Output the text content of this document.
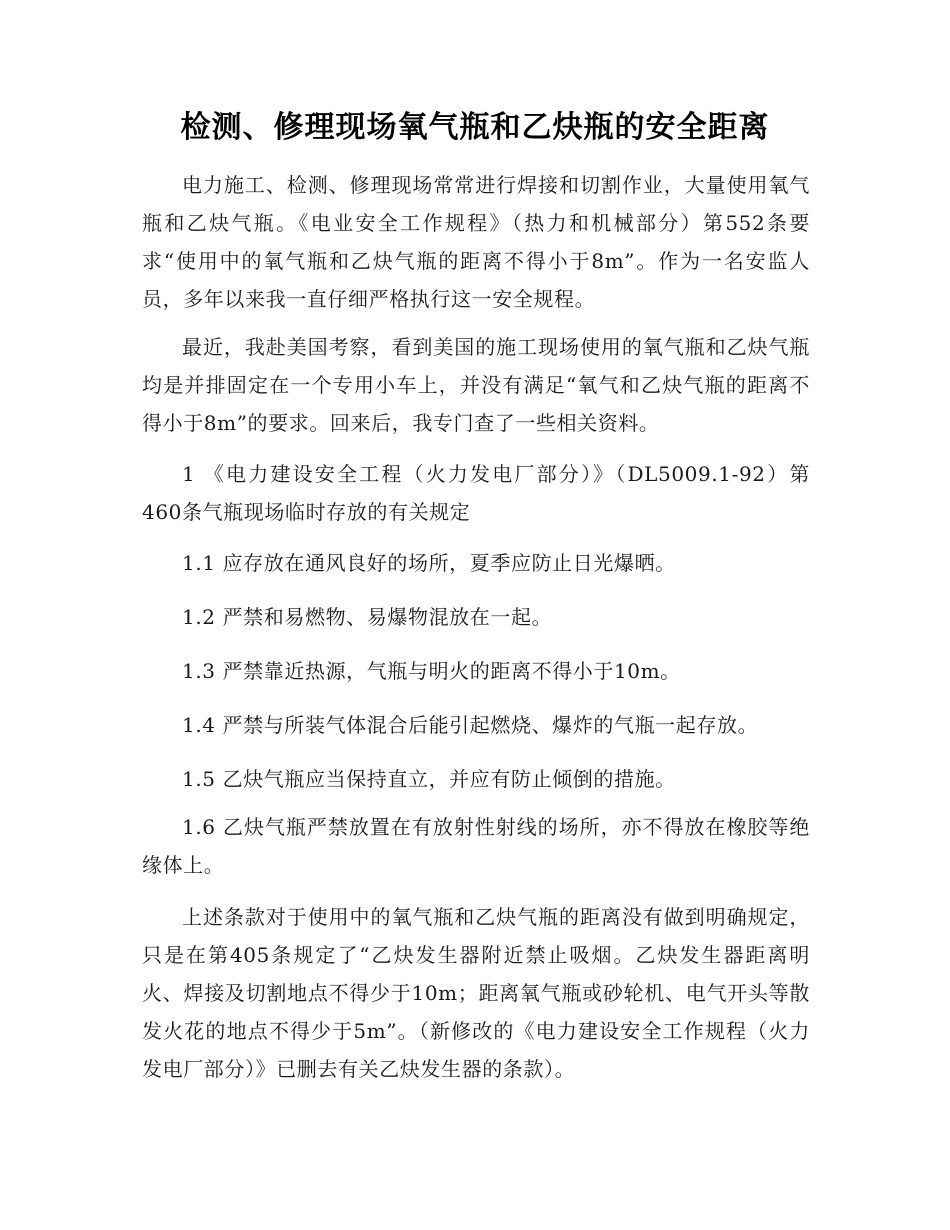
检测、修理现场氧气瓶和乙炔瓶的安全距离

电力施工、检测、修理现场常常进行焊接和切割作业，大量使用氧气瓶和乙炔气瓶。《电业安全工作规程》（热力和机械部分）第552条要求“使用中的氧气瓶和乙炔气瓶的距离不得小于8m”。作为一名安监人员，多年以来我一直仔细严格执行这一安全规程。

最近，我赴美国考察，看到美国的施工现场使用的氧气瓶和乙炔气瓶均是并排固定在一个专用小车上，并没有满足“氧气和乙炔气瓶的距离不得小于8m”的要求。回来后，我专门查了一些相关资料。

1 《电力建设安全工程（火力发电厂部分）》（DL5009.1-92）第460条气瓶现场临时存放的有关规定

1.1 应存放在通风良好的场所，夏季应防止日光爆晒。

1.2 严禁和易燃物、易爆物混放在一起。

1.3 严禁靠近热源，气瓶与明火的距离不得小于10m。

1.4 严禁与所装气体混合后能引起燃烧、爆炸的气瓶一起存放。

1.5 乙炔气瓶应当保持直立，并应有防止倾倒的措施。

1.6 乙炔气瓶严禁放置在有放射性射线的场所，亦不得放在橡胶等绝缘体上。

上述条款对于使用中的氧气瓶和乙炔气瓶的距离没有做到明确规定，只是在第405条规定了“乙炔发生器附近禁止吸烟。乙炔发生器距离明火、焊接及切割地点不得少于10m；距离氧气瓶或砂轮机、电气开头等散发火花的地点不得少于5m”。（新修改的《电力建设安全工作规程（火力发电厂部分）》已删去有关乙炔发生器的条款）。
